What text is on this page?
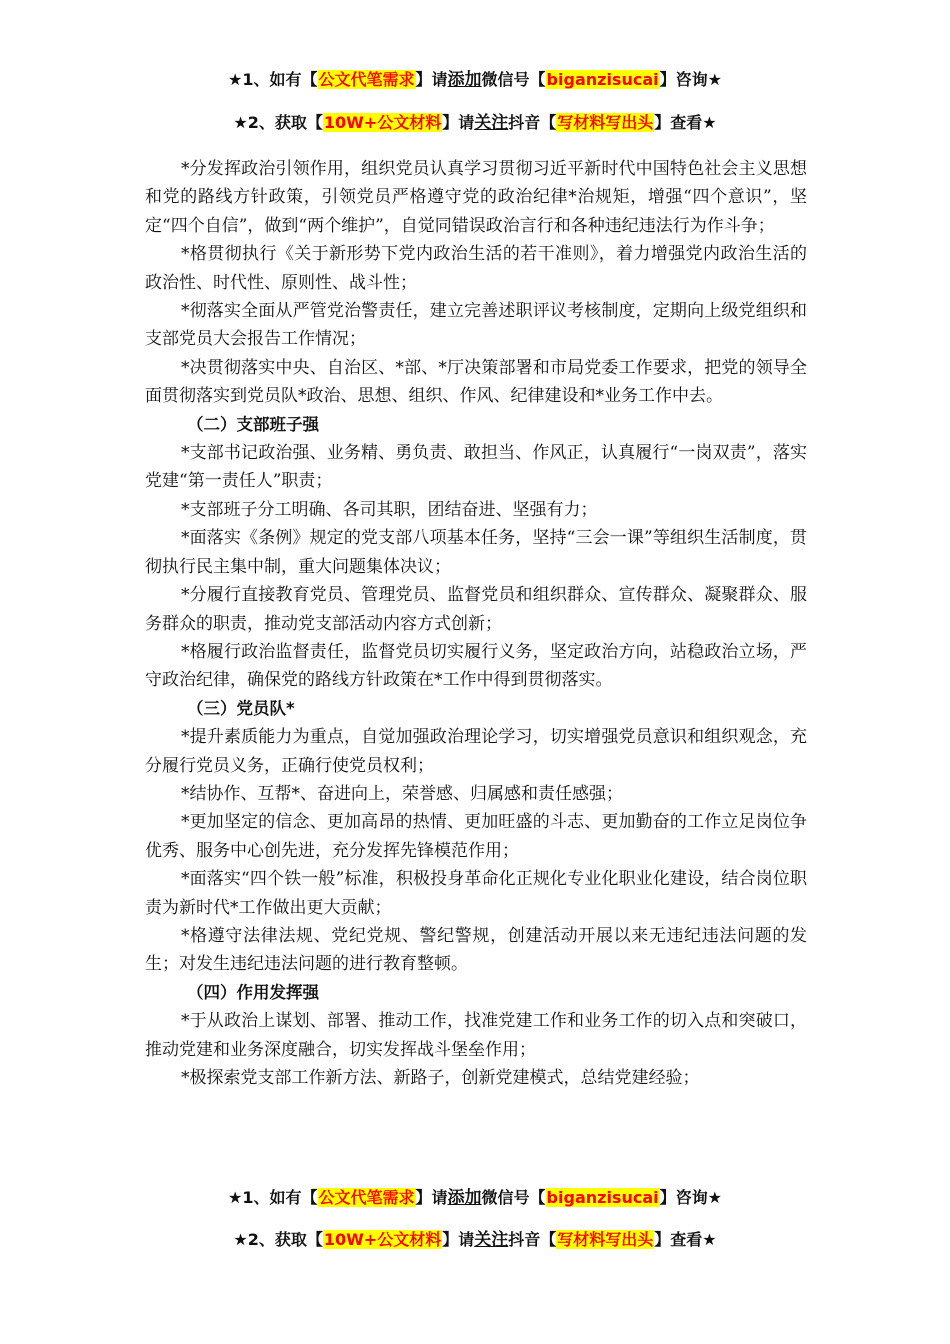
★1、如有【公文代笔需求】请添加微信号【biganzisucai】咨询★
★2、获取【10W+公文材料】请关注抖音【写材料写出头】查看★

*分发挥政治引领作用，组织党员认真学习贯彻习近平新时代中国特色社会主义思想和党的路线方针政策，引领党员严格遵守党的政治纪律*治规矩，增强“四个意识”，坚定“四个自信”，做到“两个维护”，自觉同错误政治言行和各种违纪违法行为作斗争；

*格贯彻执行《关于新形势下党内政治生活的若干准则》，着力增强党内政治生活的政治性、时代性、原则性、战斗性；

*彻落实全面从严管党治警责任，建立完善述职评议考核制度，定期向上级党组织和支部党员大会报告工作情况；

*决贯彻落实中央、自治区、*部、*厅决策部署和市局党委工作要求，把党的领导全面贯彻落实到党员队*政治、思想、组织、作风、纪律建设和*业务工作中去。

（二）支部班子强

*支部书记政治强、业务精、勇负责、敢担当、作风正，认真履行“一岗双责”，落实党建“第一责任人”职责；

*支部班子分工明确、各司其职，团结奋进、坚强有力；

*面落实《条例》规定的党支部八项基本任务，坚持“三会一课”等组织生活制度，贯彻执行民主集中制，重大问题集体决议；

*分履行直接教育党员、管理党员、监督党员和组织群众、宣传群众、凝聚群众、服务群众的职责，推动党支部活动内容方式创新；

*格履行政治监督责任，监督党员切实履行义务，坚定政治方向，站稳政治立场，严守政治纪律，确保党的路线方针政策在*工作中得到贯彻落实。

（三）党员队*

*提升素质能力为重点，自觉加强政治理论学习，切实增强党员意识和组织观念，充分履行党员义务，正确行使党员权利；

*结协作、互帮*、奋进向上，荣誉感、归属感和责任感强；

*更加坚定的信念、更加高昂的热情、更加旺盛的斗志、更加勤奋的工作立足岗位争优秀、服务中心创先进，充分发挥先锋模范作用；

*面落实“四个铁一般”标准，积极投身革命化正规化专业化职业化建设，结合岗位职责为新时代*工作做出更大贡献；

*格遵守法律法规、党纪党规、警纪警规，创建活动开展以来无违纪违法问题的发生；对发生违纪违法问题的进行教育整顿。

（四）作用发挥强

*于从政治上谋划、部署、推动工作，找准党建工作和业务工作的切入点和突破口，推动党建和业务深度融合，切实发挥战斗堡垒作用；

*极探索党支部工作新方法、新路子，创新党建模式，总结党建经验；

★1、如有【公文代笔需求】请添加微信号【biganzisucai】咨询★
★2、获取【10W+公文材料】请关注抖音【写材料写出头】查看★
